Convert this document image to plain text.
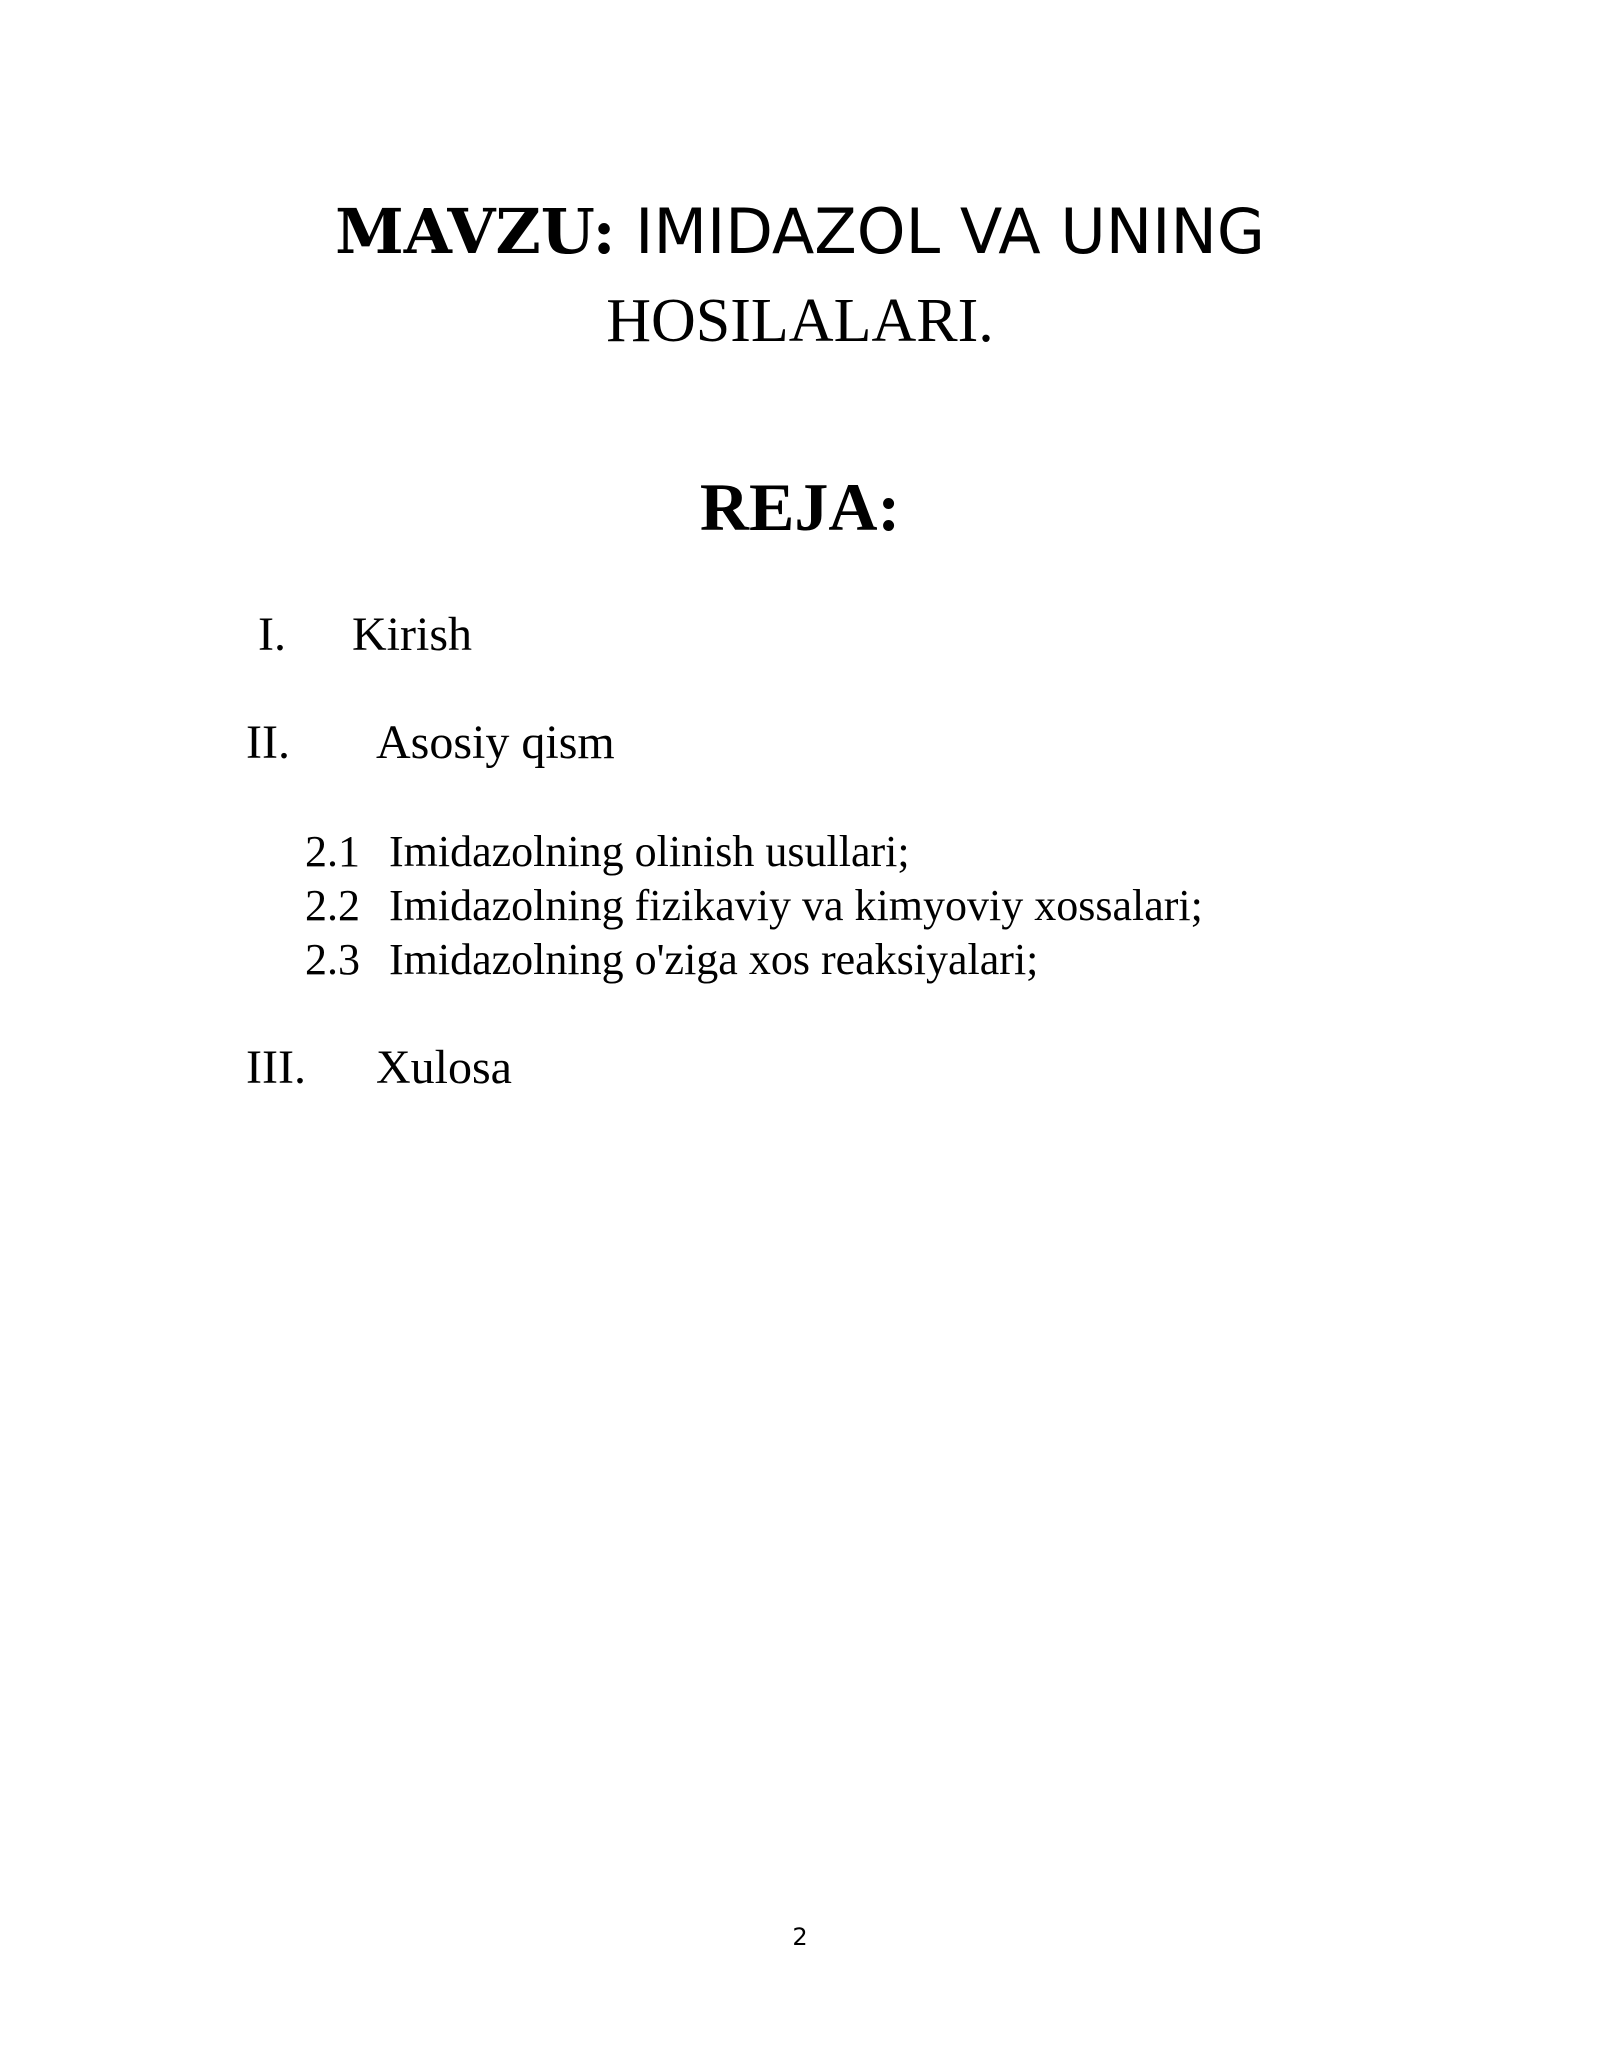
MAVZU: IMIDAZOL VA UNING
HOSILALARI.
REJA:
I. Kirish
II. Asosiy qism
2.1 Imidazolning olinish usullari;
2.2 Imidazolning fizikaviy va kimyoviy xossalari;
2.3 Imidazolning o'ziga xos reaksiyalari;
III. Xulosa
2
